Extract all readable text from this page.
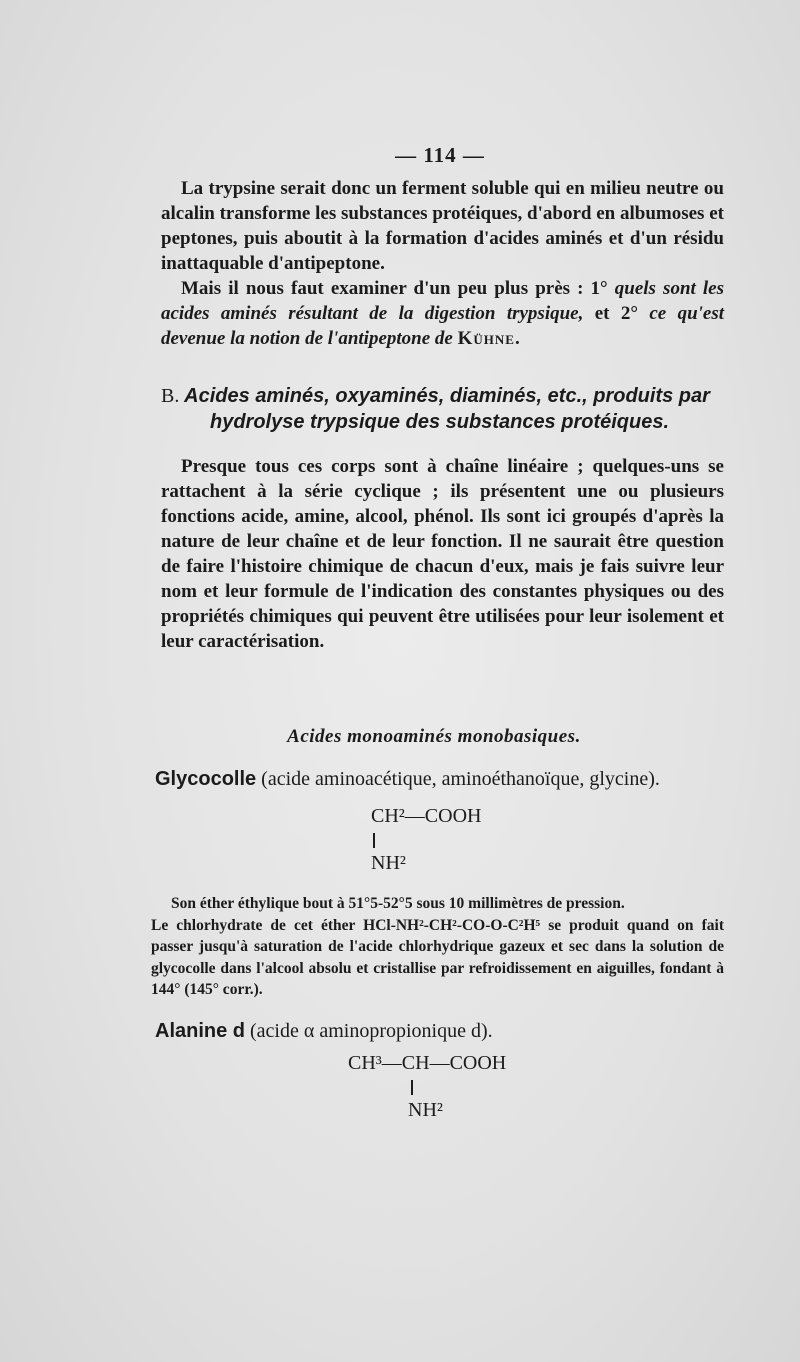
— 114 —

La trypsine serait donc un ferment soluble qui en milieu neutre ou alcalin transforme les substances protéiques, d'abord en albumoses et peptones, puis aboutit à la formation d'acides aminés et d'un résidu inattaquable d'antipeptone.

Mais il nous faut examiner d'un peu plus près : 1° quels sont les acides aminés résultant de la digestion trypsique, et 2° ce qu'est devenue la notion de l'antipeptone de Kühne.

B. Acides aminés, oxyaminés, diaminés, etc., produits par
hydrolyse trypsique des substances protéiques.

Presque tous ces corps sont à chaîne linéaire ; quelques-uns se rattachent à la série cyclique ; ils présentent une ou plusieurs fonctions acide, amine, alcool, phénol. Ils sont ici groupés d'après la nature de leur chaîne et de leur fonction. Il ne saurait être question de faire l'histoire chimique de chacun d'eux, mais je fais suivre leur nom et leur formule de l'indication des constantes physiques ou des propriétés chimiques qui peuvent être utilisées pour leur isolement et leur caractérisation.

Acides monoaminés monobasiques.
Glycocolle (acide aminoacétique, aminoéthanoïque, glycine).
CH²—COOH
NH²

Son éther éthylique bout à 51°5-52°5 sous 10 millimètres de pression.

Le chlorhydrate de cet éther HCl-NH²-CH²-CO-O-C²H⁵ se produit quand on fait passer jusqu'à saturation de l'acide chlorhydrique gazeux et sec dans la solution de glycocolle dans l'alcool absolu et cristallise par refroidissement en aiguilles, fondant à 144° (145° corr.).

Alanine d (acide α aminopropionique d).
CH³—CH—COOH
NH²
